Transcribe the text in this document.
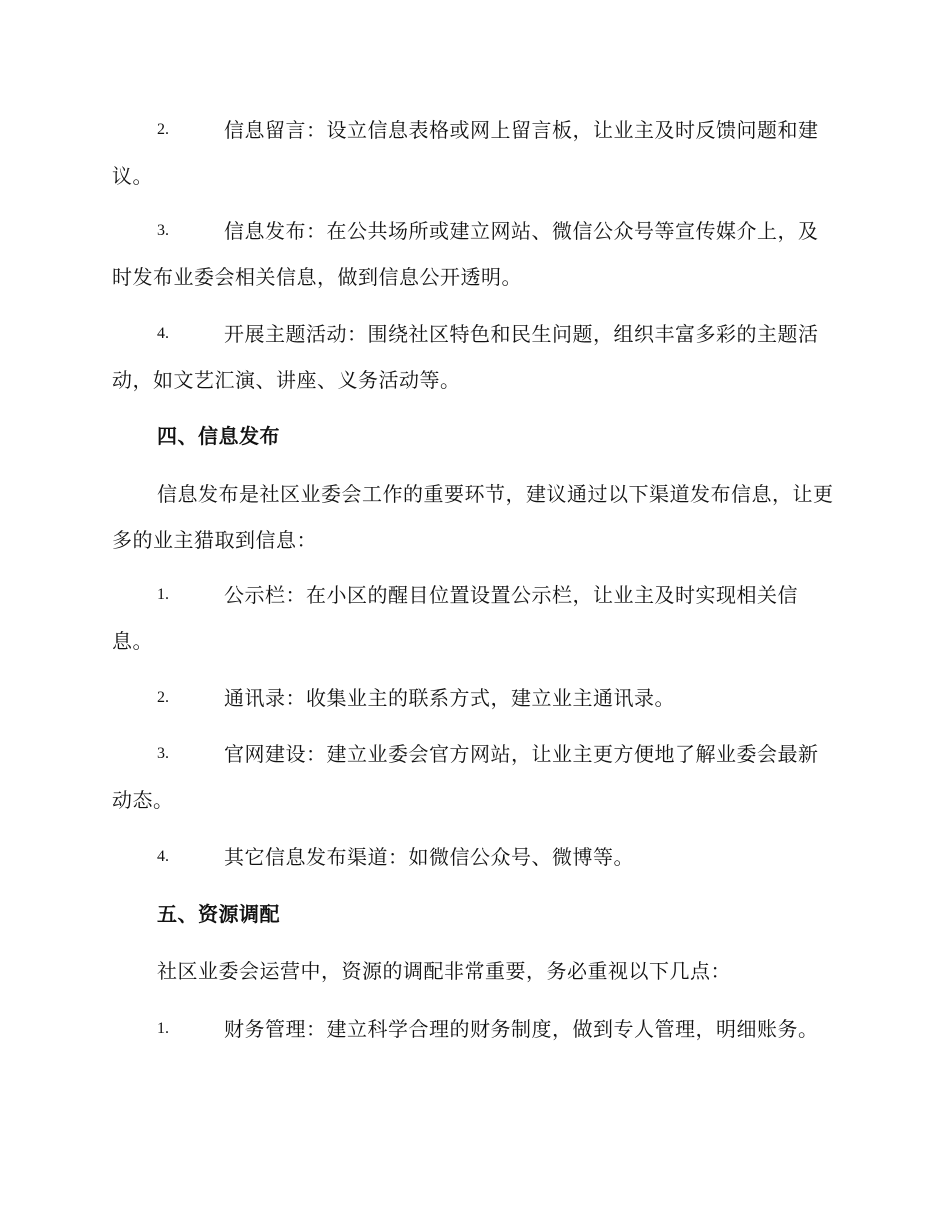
2.	信息留言：设立信息表格或网上留言板，让业主及时反馈问题和建议。

3.	信息发布：在公共场所或建立网站、微信公众号等宣传媒介上，及时发布业委会相关信息，做到信息公开透明。

4.	开展主题活动：围绕社区特色和民生问题，组织丰富多彩的主题活动，如文艺汇演、讲座、义务活动等。

四、信息发布

信息发布是社区业委会工作的重要环节，建议通过以下渠道发布信息，让更多的业主猎取到信息：

1.	公示栏：在小区的醒目位置设置公示栏，让业主及时实现相关信息。

2.	通讯录：收集业主的联系方式，建立业主通讯录。

3.	官网建设：建立业委会官方网站，让业主更方便地了解业委会最新动态。

4.	其它信息发布渠道：如微信公众号、微博等。

五、资源调配

社区业委会运营中，资源的调配非常重要，务必重视以下几点：

1.	财务管理：建立科学合理的财务制度，做到专人管理，明细账务。
